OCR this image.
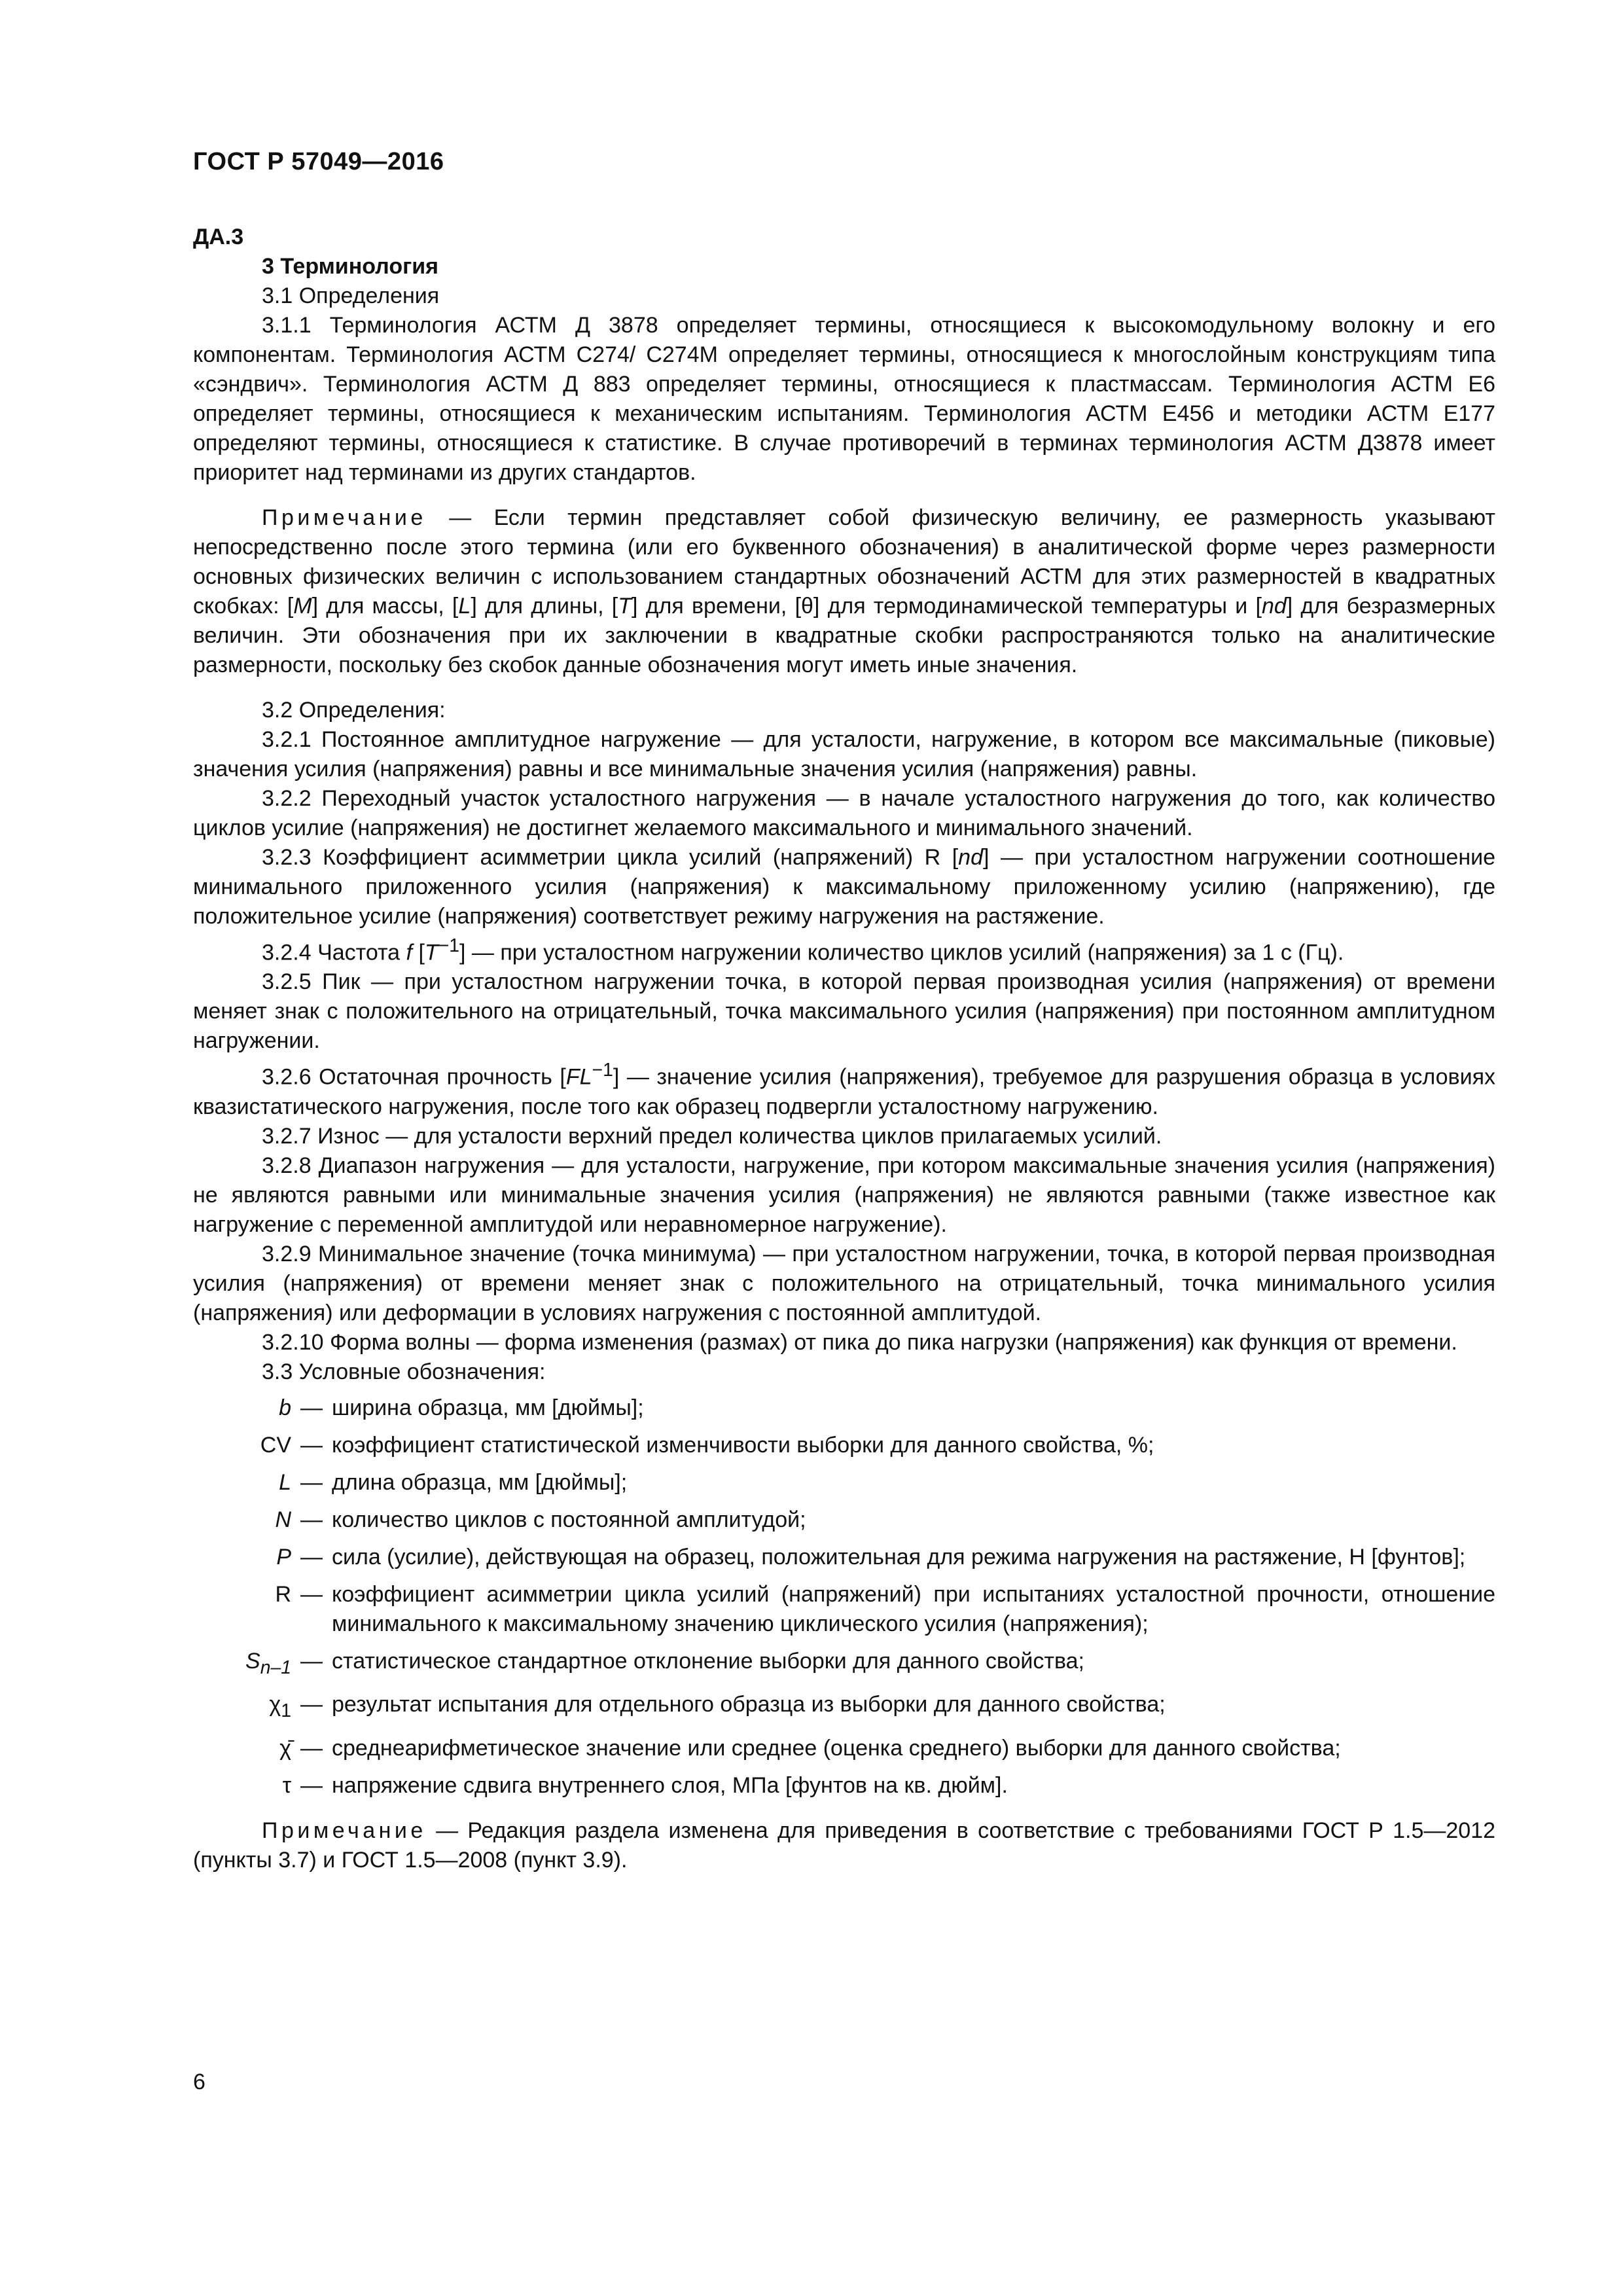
ГОСТ Р 57049—2016

ДА.3

3 Терминология

3.1 Определения

3.1.1 Терминология АСТМ Д 3878 определяет термины, относящиеся к высокомодульному волокну и его компонентам. Терминология АСТМ С274/ С274М определяет термины, относящиеся к многослойным конструкциям типа «сэндвич». Терминология АСТМ Д 883 определяет термины, относящиеся к пластмассам. Терминология АСТМ Е6 определяет термины, относящиеся к механическим испытаниям. Терминология АСТМ Е456 и методики АСТМ Е177 определяют термины, относящиеся к статистике. В случае противоречий в терминах терминология АСТМ Д3878 имеет приоритет над терминами из других стандартов.

Примечание — Если термин представляет собой физическую величину, ее размерность указывают непосредственно после этого термина (или его буквенного обозначения) в аналитической форме через размерности основных физических величин с использованием стандартных обозначений АСТМ для этих размерностей в квадратных скобках: [M] для массы, [L] для длины, [T] для времени, [θ] для термодинамической температуры и [nd] для безразмерных величин. Эти обозначения при их заключении в квадратные скобки распространяются только на аналитические размерности, поскольку без скобок данные обозначения могут иметь иные значения.

3.2 Определения:

3.2.1 Постоянное амплитудное нагружение — для усталости, нагружение, в котором все максимальные (пиковые) значения усилия (напряжения) равны и все минимальные значения усилия (напряжения) равны.

3.2.2 Переходный участок усталостного нагружения — в начале усталостного нагружения до того, как количество циклов усилие (напряжения) не достигнет желаемого максимального и минимального значений.

3.2.3 Коэффициент асимметрии цикла усилий (напряжений) R [nd] — при усталостном нагружении соотношение минимального приложенного усилия (напряжения) к максимальному приложенному усилию (напряжению), где положительное усилие (напряжения) соответствует режиму нагружения на растяжение.

3.2.4 Частота f $[T^{-1}]$ — при усталостном нагружении количество циклов усилий (напряжения) за 1 с (Гц).

3.2.5 Пик — при усталостном нагружении точка, в которой первая производная усилия (напряжения) от времени меняет знак с положительного на отрицательный, точка максимального усилия (напряжения) при постоянном амплитудном нагружении.

3.2.6 Остаточная прочность $[FL^{-1}]$ — значение усилия (напряжения), требуемое для разрушения образца в условиях квазистатического нагружения, после того как образец подвергли усталостному нагружению.

3.2.7 Износ — для усталости верхний предел количества циклов прилагаемых усилий.

3.2.8 Диапазон нагружения — для усталости, нагружение, при котором максимальные значения усилия (напряжения) не являются равными или минимальные значения усилия (напряжения) не являются равными (также известное как нагружение с переменной амплитудой или неравномерное нагружение).

3.2.9 Минимальное значение (точка минимума) — при усталостном нагружении, точка, в которой первая производная усилия (напряжения) от времени меняет знак с положительного на отрицательный, точка минимального усилия (напряжения) или деформации в условиях нагружения с постоянной амплитудой.

3.2.10 Форма волны — форма изменения (размах) от пика до пика нагрузки (напряжения) как функция от времени.

3.3 Условные обозначения:

b — ширина образца, мм [дюймы];
CV — коэффициент статистической изменчивости выборки для данного свойства, %;
L — длина образца, мм [дюймы];
N — количество циклов с постоянной амплитудой;
P — сила (усилие), действующая на образец, положительная для режима нагружения на растяжение, Н [фунтов];
R — коэффициент асимметрии цикла усилий (напряжений) при испытаниях усталостной прочности, отношение минимального к максимальному значению циклического усилия (напряжения);
$S_{n-1}$ — статистическое стандартное отклонение выборки для данного свойства;
$\chi_1$ — результат испытания для отдельного образца из выборки для данного свойства;
χ̄ — среднеарифметическое значение или среднее (оценка среднего) выборки для данного свойства;
τ — напряжение сдвига внутреннего слоя, МПа [фунтов на кв. дюйм].

Примечание — Редакция раздела изменена для приведения в соответствие с требованиями ГОСТ Р 1.5—2012 (пункты 3.7) и ГОСТ 1.5—2008 (пункт 3.9).

6
